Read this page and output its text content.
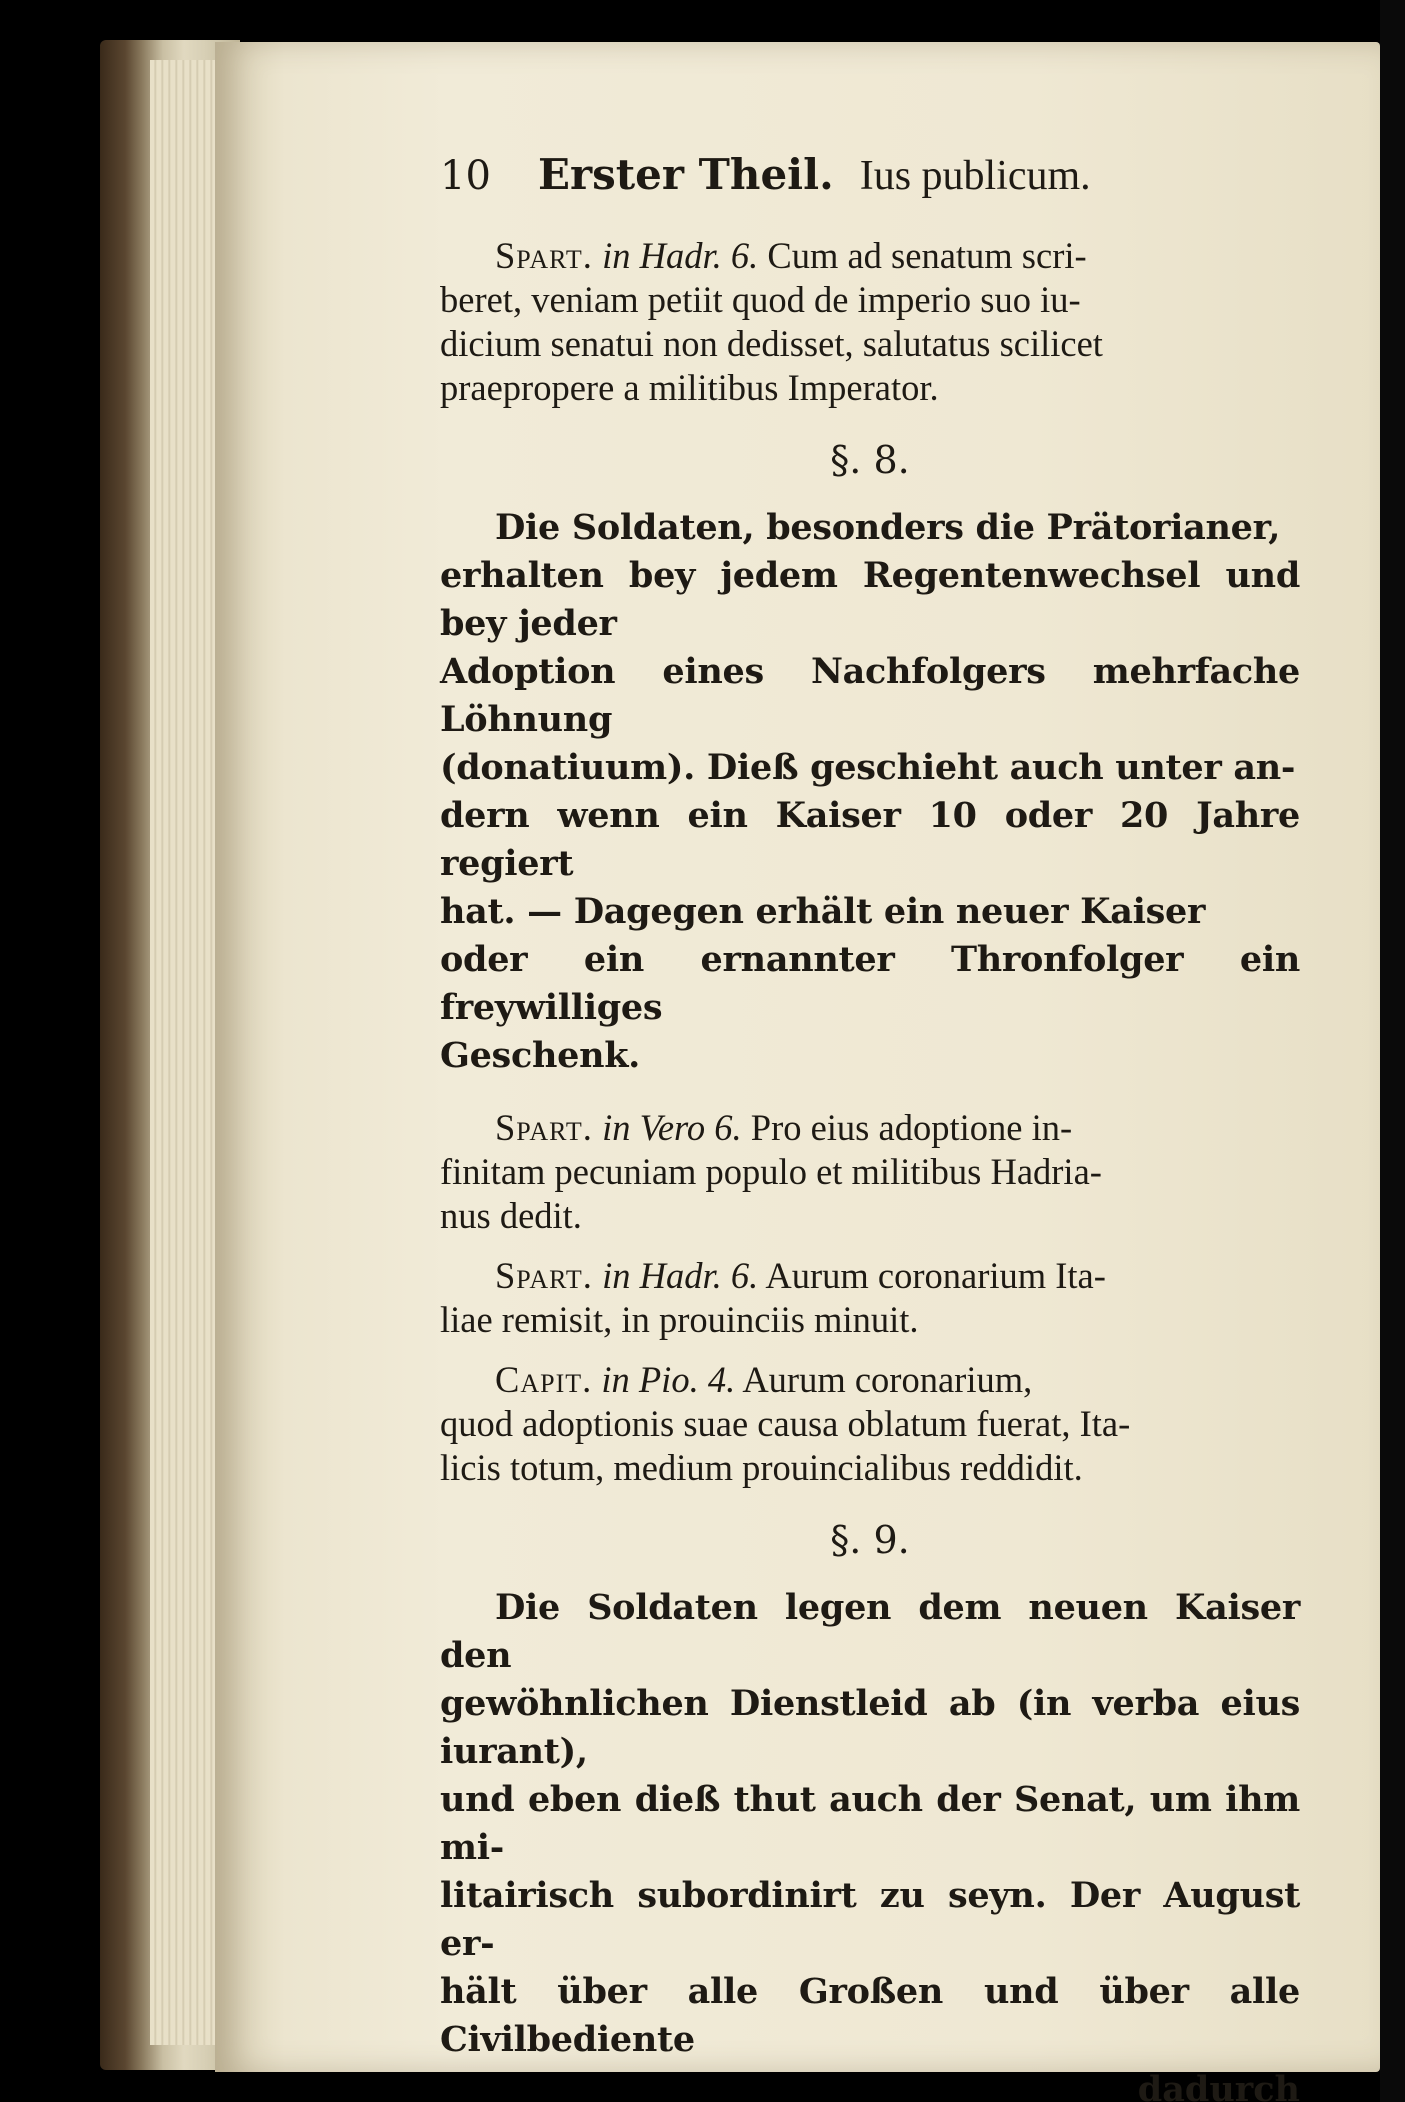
10	Erster Theil. Ius publicum.

Spart. in Hadr. 6. Cum ad senatum scri-
beret, veniam petiit quod de imperio suo iu-
dicium senatui non dedisset, salutatus scilicet
praepropere a militibus Imperator.

§. 8.

Die Soldaten, besonders die Prätorianer,
erhalten bey jedem Regentenwechsel und bey jeder
Adoption eines Nachfolgers mehrfache Löhnung
(donatiuum). Dieß geschieht auch unter an-
dern wenn ein Kaiser 10 oder 20 Jahre regiert
hat. — Dagegen erhält ein neuer Kaiser
oder ein ernannter Thronfolger ein freywilliges
Geschenk.

Spart. in Vero 6. Pro eius adoptione in-
finitam pecuniam populo et militibus Hadria-
nus dedit.

Spart. in Hadr. 6. Aurum coronarium Ita-
liae remisit, in prouinciis minuit.

Capit. in Pio. 4. Aurum coronarium,
quod adoptionis suae causa oblatum fuerat, Ita-
licis totum, medium prouincialibus reddidit.

§. 9.

Die Soldaten legen dem neuen Kaiser den
gewöhnlichen Dienstleid ab (in verba eius iurant),
und eben dieß thut auch der Senat, um ihm mi-
litairisch subordinirt zu seyn. Der August er-
hält über alle Großen und über alle Civilbediente

dadurch
